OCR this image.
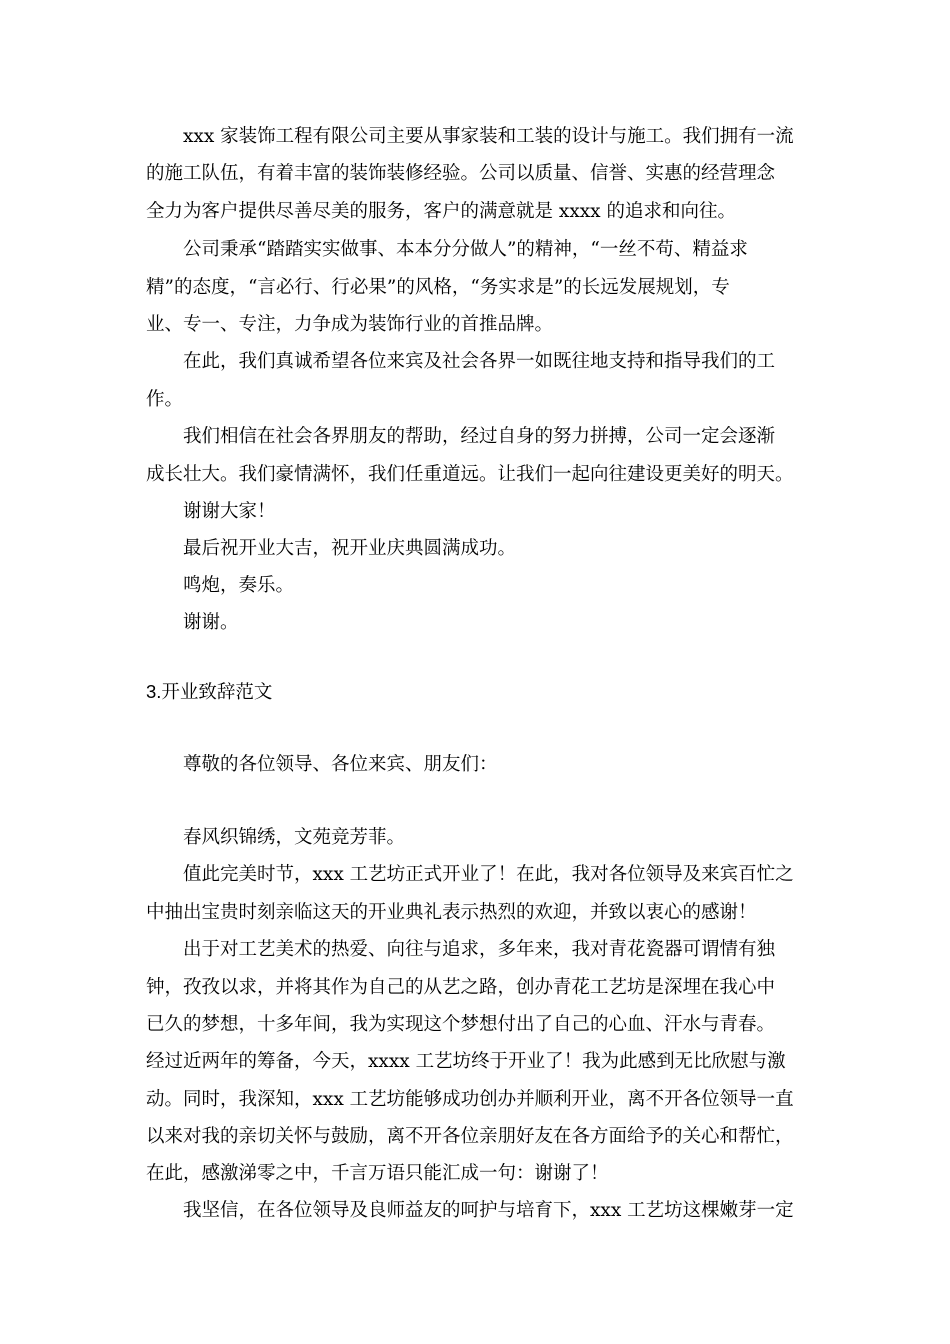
xxx 家装饰工程有限公司主要从事家装和工装的设计与施工。我们拥有一流
的施工队伍，有着丰富的装饰装修经验。公司以质量、信誉、实惠的经营理念
全力为客户提供尽善尽美的服务，客户的满意就是 xxxx 的追求和向往。
公司秉承“踏踏实实做事、本本分分做人”的精神，“一丝不苟、精益求
精”的态度，“言必行、行必果”的风格，“务实求是”的长远发展规划，专
业、专一、专注，力争成为装饰行业的首推品牌。
在此，我们真诚希望各位来宾及社会各界一如既往地支持和指导我们的工
作。
我们相信在社会各界朋友的帮助，经过自身的努力拼搏，公司一定会逐渐
成长壮大。我们豪情满怀，我们任重道远。让我们一起向往建设更美好的明天。
谢谢大家！
最后祝开业大吉，祝开业庆典圆满成功。
鸣炮，奏乐。
谢谢。
3.开业致辞范文
尊敬的各位领导、各位来宾、朋友们：
春风织锦绣，文苑竞芳菲。
值此完美时节，xxx 工艺坊正式开业了！在此，我对各位领导及来宾百忙之
中抽出宝贵时刻亲临这天的开业典礼表示热烈的欢迎，并致以衷心的感谢！
出于对工艺美术的热爱、向往与追求，多年来，我对青花瓷器可谓情有独
钟，孜孜以求，并将其作为自己的从艺之路，创办青花工艺坊是深埋在我心中
已久的梦想，十多年间，我为实现这个梦想付出了自己的心血、汗水与青春。
经过近两年的筹备，今天，xxxx 工艺坊终于开业了！我为此感到无比欣慰与激
动。同时，我深知，xxx 工艺坊能够成功创办并顺利开业，离不开各位领导一直
以来对我的亲切关怀与鼓励，离不开各位亲朋好友在各方面给予的关心和帮忙，
在此，感激涕零之中，千言万语只能汇成一句：谢谢了！
我坚信，在各位领导及良师益友的呵护与培育下，xxx 工艺坊这棵嫩芽一定
